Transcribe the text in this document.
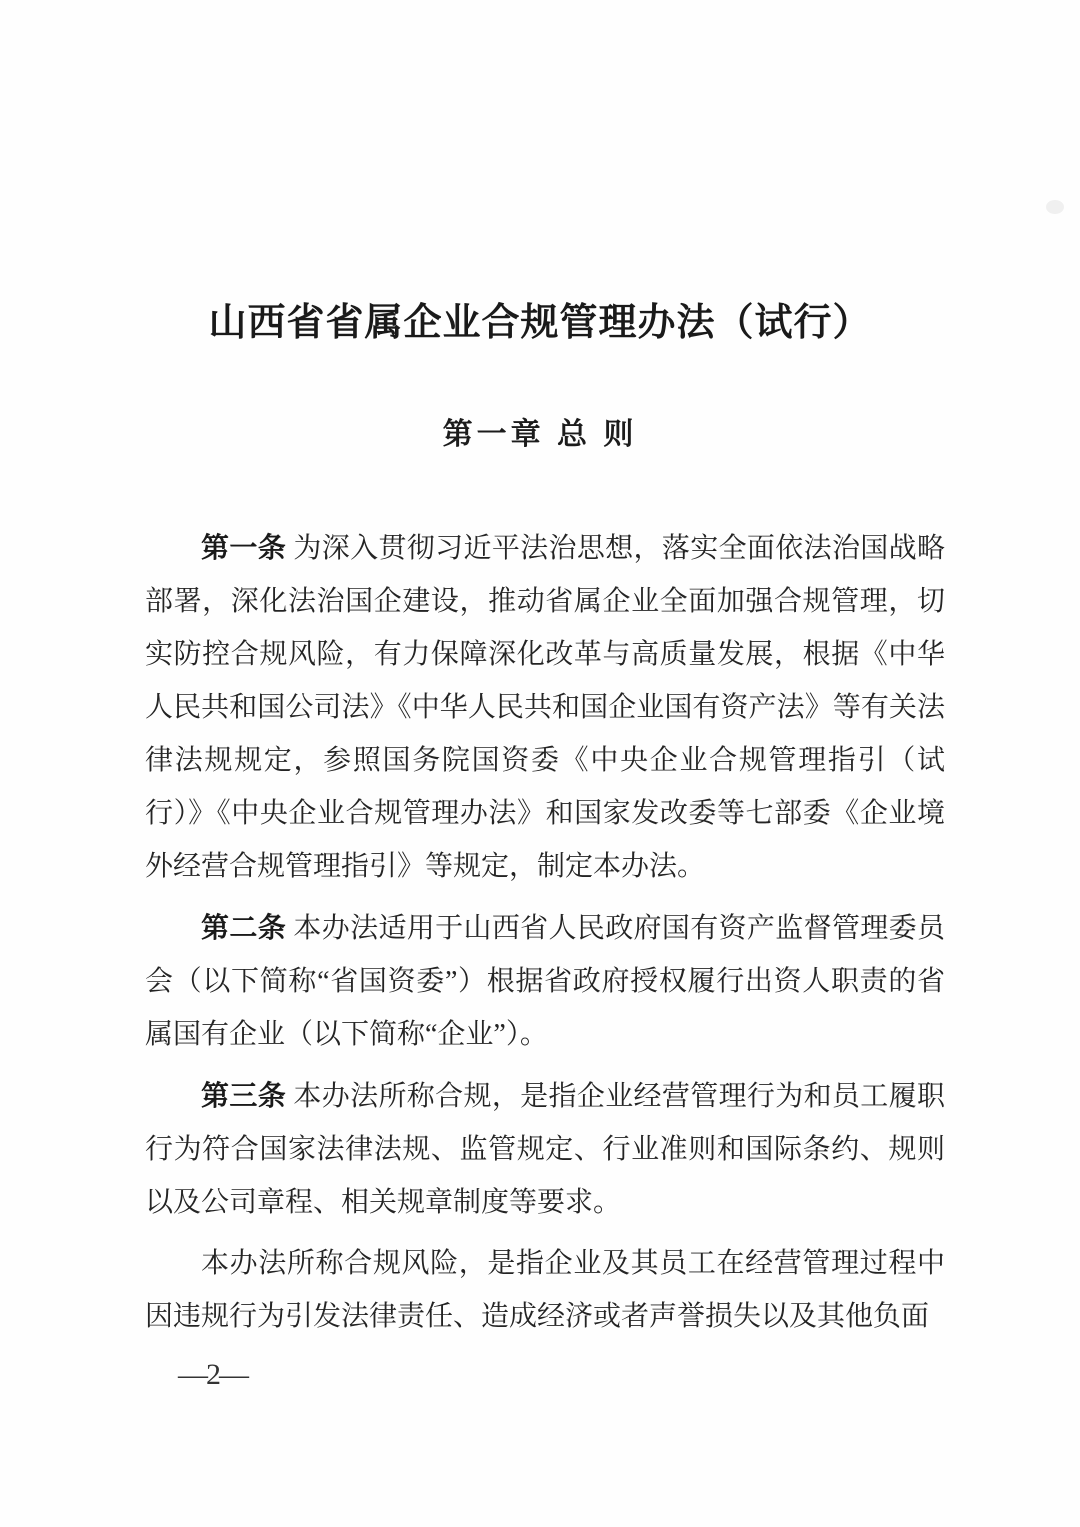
山西省省属企业合规管理办法（试行）
第一章 总 则

第一条 为深入贯彻习近平法治思想，落实全面依法治国战略部署，深化法治国企建设，推动省属企业全面加强合规管理，切实防控合规风险，有力保障深化改革与高质量发展，根据《中华人民共和国公司法》《中华人民共和国企业国有资产法》等有关法律法规规定，参照国务院国资委《中央企业合规管理指引（试行）》《中央企业合规管理办法》和国家发改委等七部委《企业境外经营合规管理指引》等规定，制定本办法。

第二条 本办法适用于山西省人民政府国有资产监督管理委员会（以下简称“省国资委”）根据省政府授权履行出资人职责的省属国有企业（以下简称“企业”）。

第三条 本办法所称合规，是指企业经营管理行为和员工履职行为符合国家法律法规、监管规定、行业准则和国际条约、规则以及公司章程、相关规章制度等要求。

本办法所称合规风险，是指企业及其员工在经营管理过程中因违规行为引发法律责任、造成经济或者声誉损失以及其他负面

—2—
